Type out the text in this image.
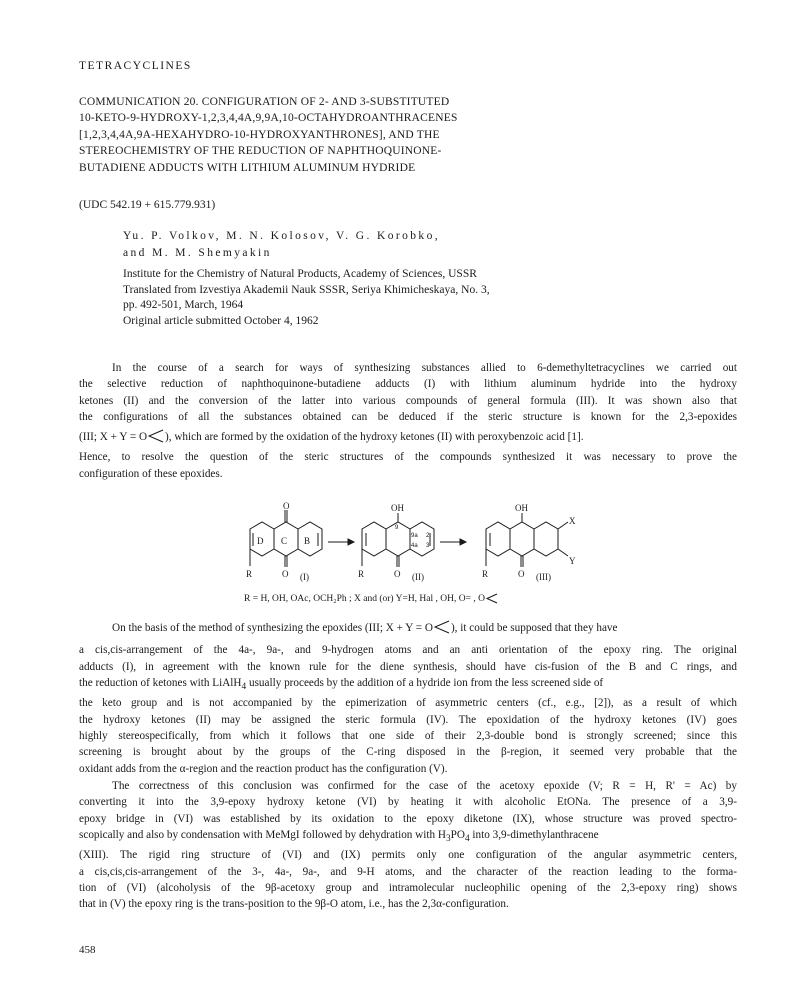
TETRACYCLINES
COMMUNICATION 20. CONFIGURATION OF 2- AND 3-SUBSTITUTED
10-KETO-9-HYDROXY-1,2,3,4,4A,9,9A,10-OCTAHYDROANTHRACENES
[1,2,3,4,4A,9A-HEXAHYDRO-10-HYDROXYANTHRONES], AND THE
STEREOCHEMISTRY OF THE REDUCTION OF NAPHTHOQUINONE-
BUTADIENE ADDUCTS WITH LITHIUM ALUMINUM HYDRIDE
(UDC 542.19 + 615.779.931)
Yu. P. Volkov, M. N. Kolosov, V. G. Korobko,
and M. M. Shemyakin
Institute for the Chemistry of Natural Products, Academy of Sciences, USSR
Translated from Izvestiya Akademii Nauk SSSR, Seriya Khimicheskaya, No. 3,
pp. 492-501, March, 1964
Original article submitted October 4, 1962
In the course of a search for ways of synthesizing substances allied to 6-demethyltetracyclines we carried out
the selective reduction of naphthoquinone-butadiene adducts (I) with lithium aluminum hydride into the hydroxy
ketones (II) and the conversion of the latter into various compounds of general formula (III). It was shown also that
the configurations of all the substances obtained can be deduced if the steric structure is known for the 2,3-epoxides
(III; X + Y = O ), which are formed by the oxidation of the hydroxy ketones (II) with peroxybenzoic acid [1].
Hence, to resolve the question of the steric structures of the compounds synthesized it was necessary to prove the
configuration of these epoxides.
O
D C B
R	O (I)
OH
9
9a 2
4a 3
R	O (II)
OH
X
Y
R	O (III)
R = H, OH, OAc, OCH₂Ph ; X and (or) Y=H, Hal , OH, O= , O
On the basis of the method of synthesizing the epoxides (III; X + Y = O ), it could be supposed that they have
a cis,cis-arrangement of the 4a-, 9a-, and 9-hydrogen atoms and an anti orientation of the epoxy ring. The original
adducts (I), in agreement with the known rule for the diene synthesis, should have cis-fusion of the B and C rings, and
the reduction of ketones with LiAlH$_4$ usually proceeds by the addition of a hydride ion from the less screened side of
the keto group and is not accompanied by the epimerization of asymmetric centers (cf., e.g., [2]), as a result of which
the hydroxy ketones (II) may be assigned the steric formula (IV). The epoxidation of the hydroxy ketones (IV) goes
highly stereospecifically, from which it follows that one side of their 2,3-double bond is strongly screened; since this
screening is brought about by the groups of the C-ring disposed in the β-region, it seemed very probable that the
oxidant adds from the α-region and the reaction product has the configuration (V).
The correctness of this conclusion was confirmed for the case of the acetoxy epoxide (V; R = H, R' = Ac) by
converting it into the 3,9-epoxy hydroxy ketone (VI) by heating it with alcoholic EtONa. The presence of a 3,9-
epoxy bridge in (VI) was established by its oxidation to the epoxy diketone (IX), whose structure was proved spectro-
scopically and also by condensation with MeMgI followed by dehydration with $H_3PO_4$ into 3,9-dimethylanthracene
(XIII). The rigid ring structure of (VI) and (IX) permits only one configuration of the angular asymmetric centers,
a cis,cis,cis-arrangement of the 3-, 4a-, 9a-, and 9-H atoms, and the character of the reaction leading to the forma-
tion of (VI) (alcoholysis of the 9β-acetoxy group and intramolecular nucleophilic opening of the 2,3-epoxy ring) shows
that in (V) the epoxy ring is the trans-position to the 9β-O atom, i.e., has the 2,3α-configuration.
458
